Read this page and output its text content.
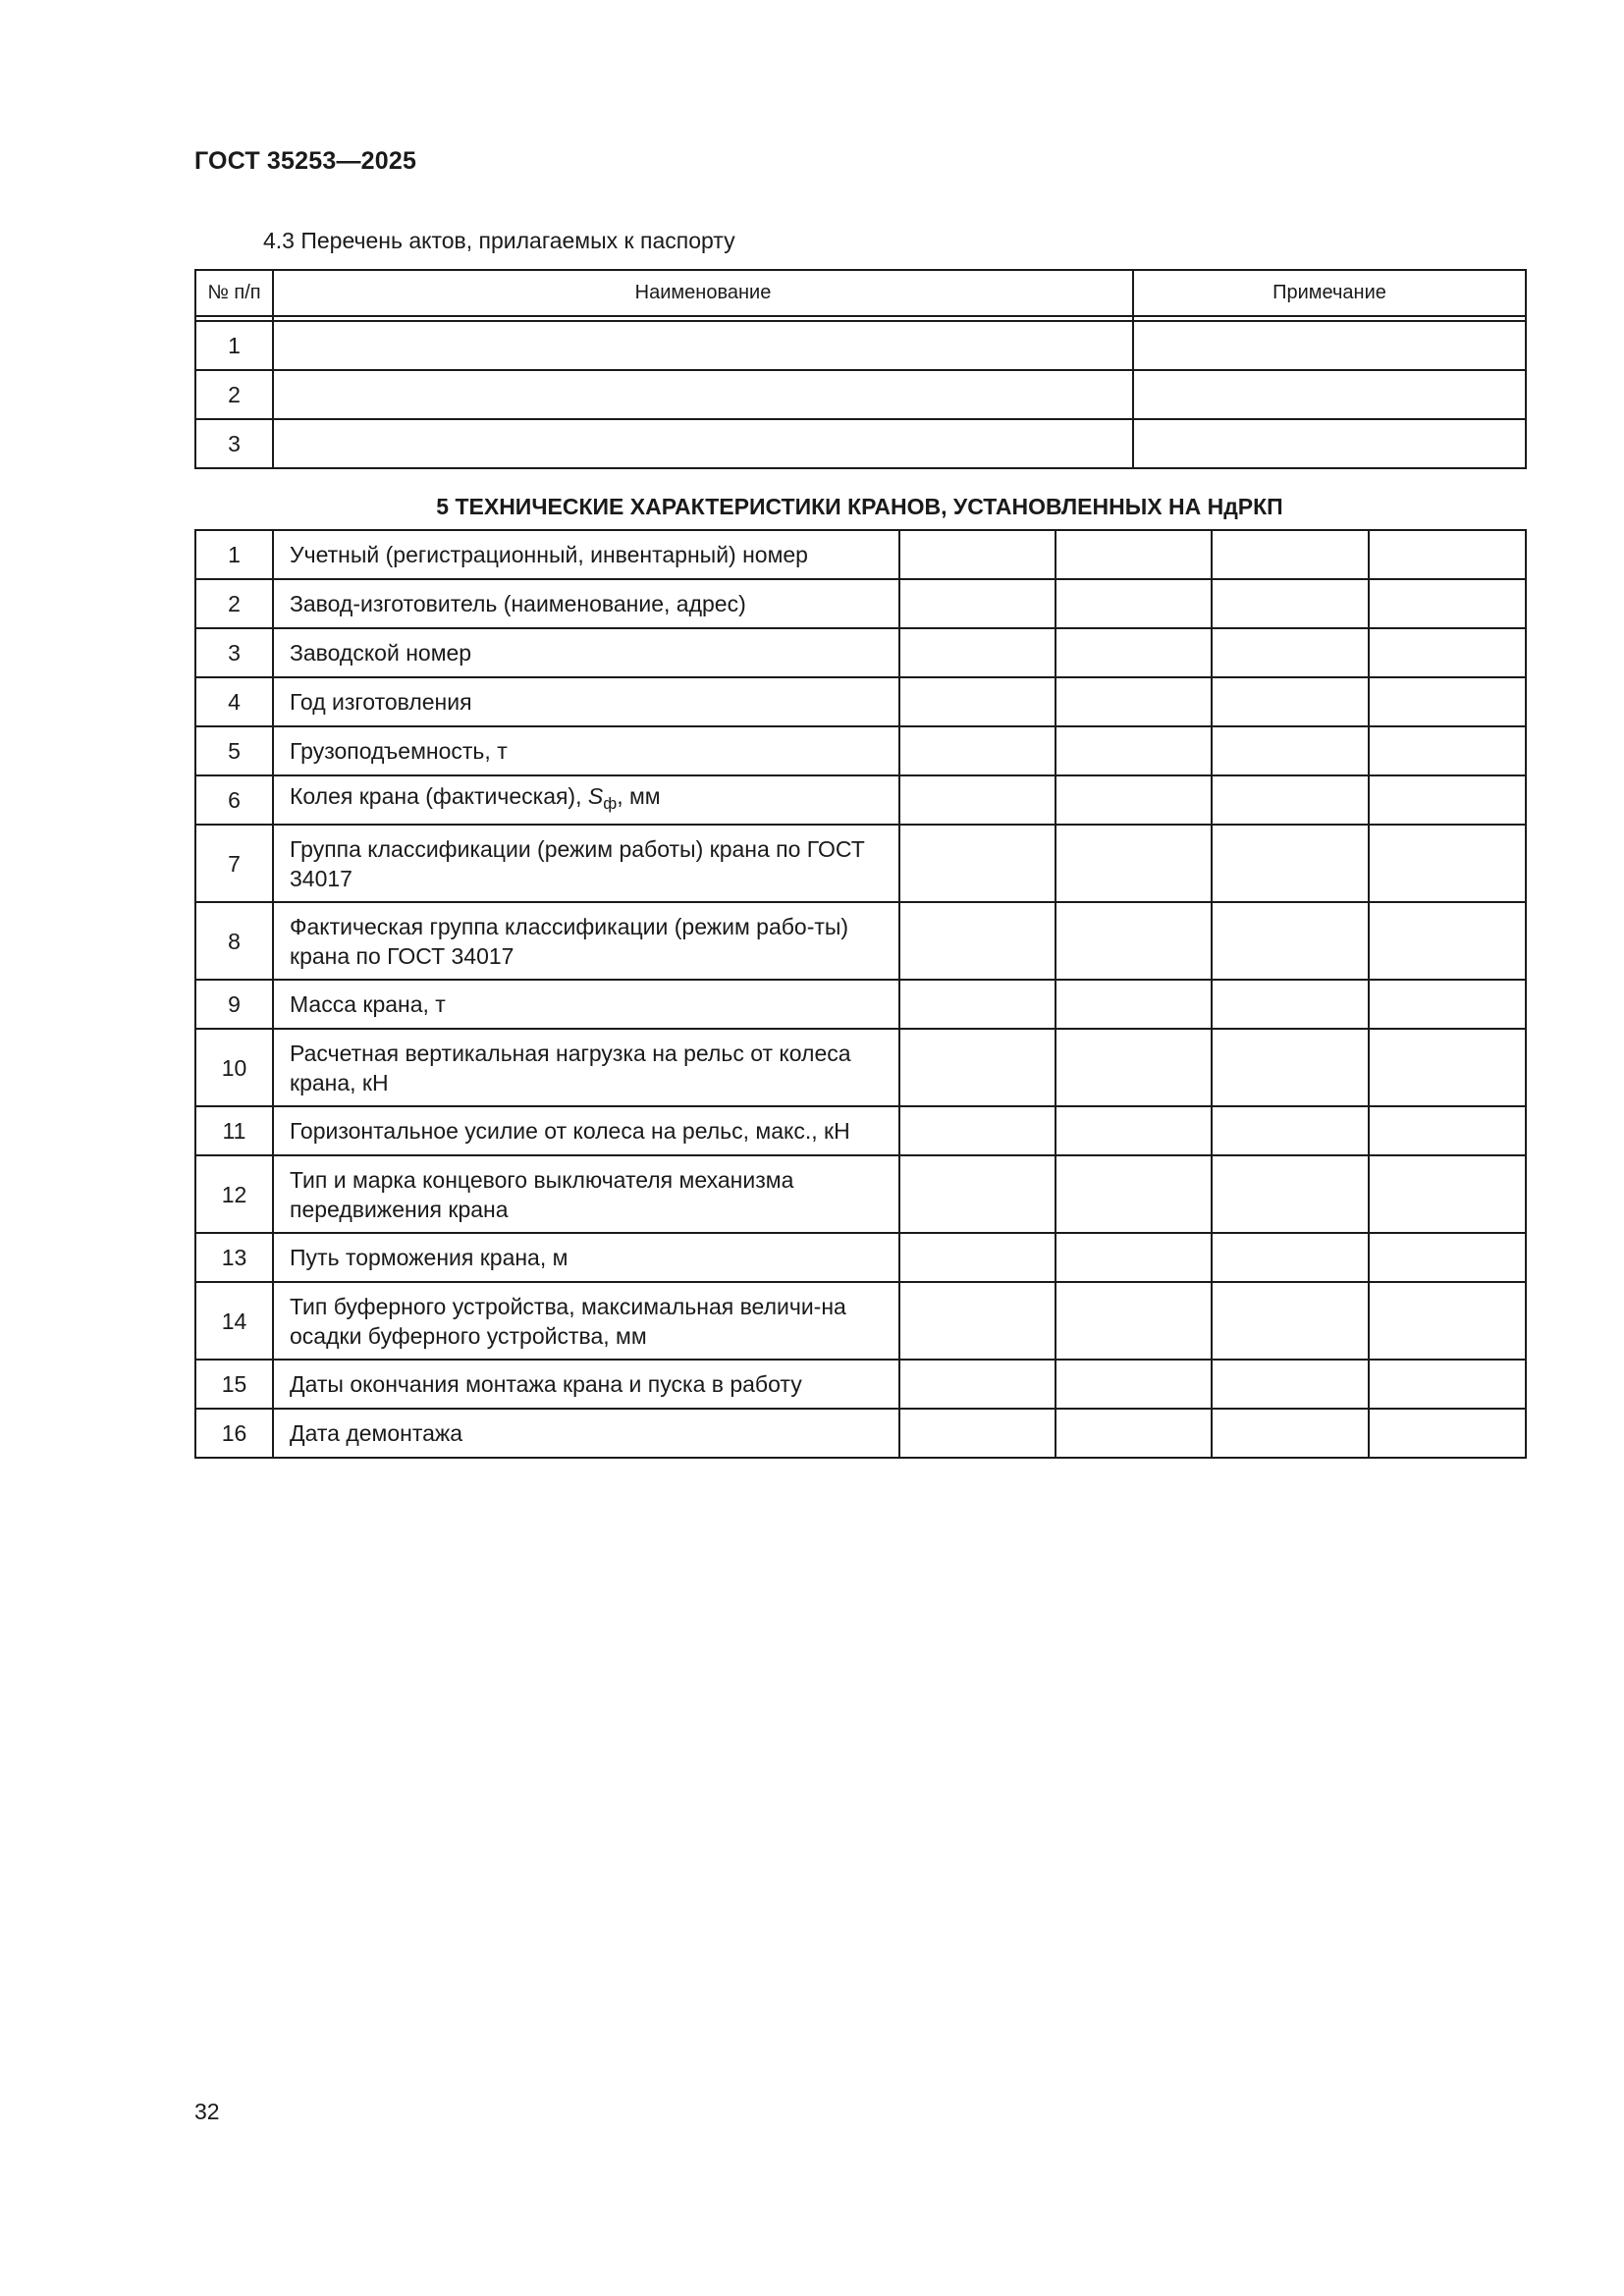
ГОСТ 35253—2025
4.3 Перечень актов, прилагаемых к паспорту
№ п/п	Наименование	Примечание

1		
2		
3		
5 ТЕХНИЧЕСКИЕ ХАРАКТЕРИСТИКИ КРАНОВ, УСТАНОВЛЕННЫХ НА НдРКП
1	Учетный (регистрационный, инвентарный) номер				
2	Завод-изготовитель (наименование, адрес)				
3	Заводской номер				
4	Год изготовления				
5	Грузоподъемность, т				
6	Колея крана (фактическая), $S_ф$, мм				
7	Группа классификации (режим работы) крана по ГОСТ 34017				
8	Фактическая группа классификации (режим рабо-ты) крана по ГОСТ 34017				
9	Масса крана, т				
10	Расчетная вертикальная нагрузка на рельс от колеса крана, кН				
11	Горизонтальное усилие от колеса на рельс, макс., кН				
12	Тип и марка концевого выключателя механизма передвижения крана				
13	Путь торможения крана, м				
14	Тип буферного устройства, максимальная величи-на осадки буферного устройства, мм				
15	Даты окончания монтажа крана и пуска в работу				
16	Дата демонтажа				
32
